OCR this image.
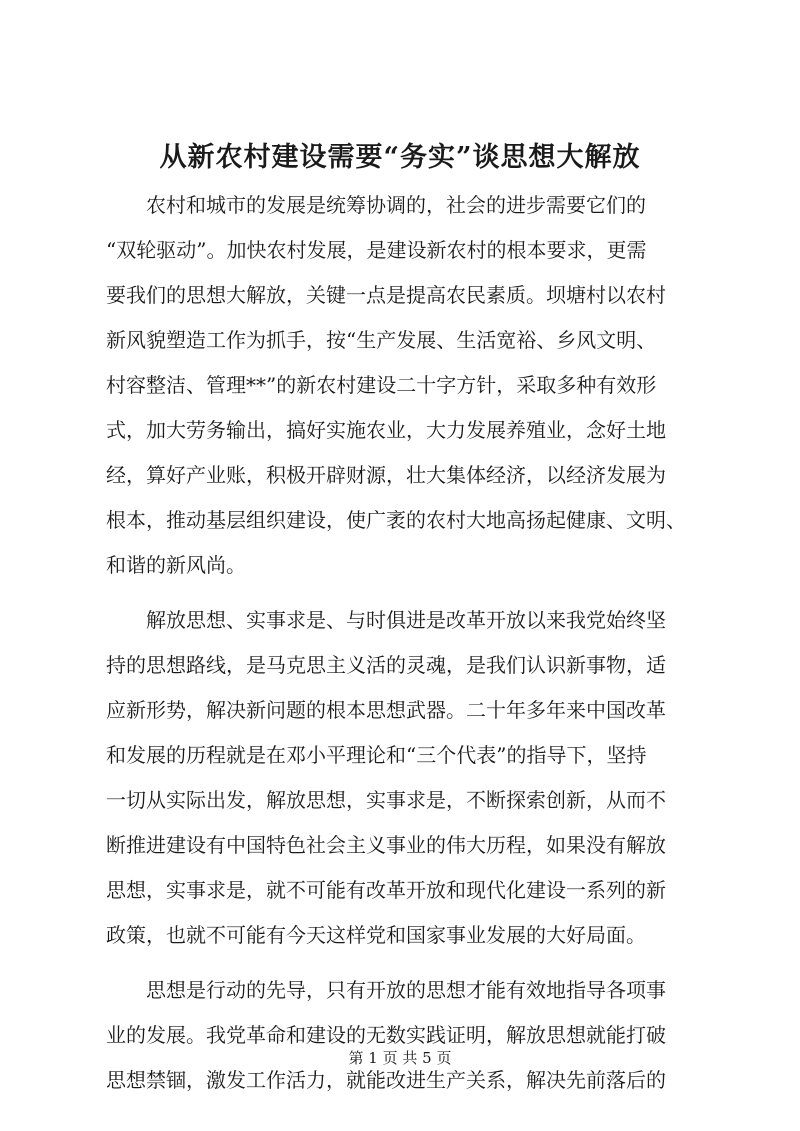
从新农村建设需要“务实”谈思想大解放
农村和城市的发展是统筹协调的，社会的进步需要它们的
“双轮驱动”。加快农村发展，是建设新农村的根本要求，更需
要我们的思想大解放，关键一点是提高农民素质。坝塘村以农村
新风貌塑造工作为抓手，按“生产发展、生活宽裕、乡风文明、
村容整洁、管理**”的新农村建设二十字方针，采取多种有效形
式，加大劳务输出，搞好实施农业，大力发展养殖业，念好土地
经，算好产业账，积极开辟财源，壮大集体经济，以经济发展为
根本，推动基层组织建设，使广袤的农村大地高扬起健康、文明、
和谐的新风尚。
解放思想、实事求是、与时俱进是改革开放以来我党始终坚
持的思想路线，是马克思主义活的灵魂，是我们认识新事物，适
应新形势，解决新问题的根本思想武器。二十年多年来中国改革
和发展的历程就是在邓小平理论和“三个代表”的指导下，坚持
一切从实际出发，解放思想，实事求是，不断探索创新，从而不
断推进建设有中国特色社会主义事业的伟大历程，如果没有解放
思想，实事求是，就不可能有改革开放和现代化建设一系列的新
政策，也就不可能有今天这样党和国家事业发展的大好局面。
思想是行动的先导，只有开放的思想才能有效地指导各项事
业的发展。我党革命和建设的无数实践证明，解放思想就能打破
思想禁锢，激发工作活力，就能改进生产关系，解决先前落后的
第 1 页 共 5 页
